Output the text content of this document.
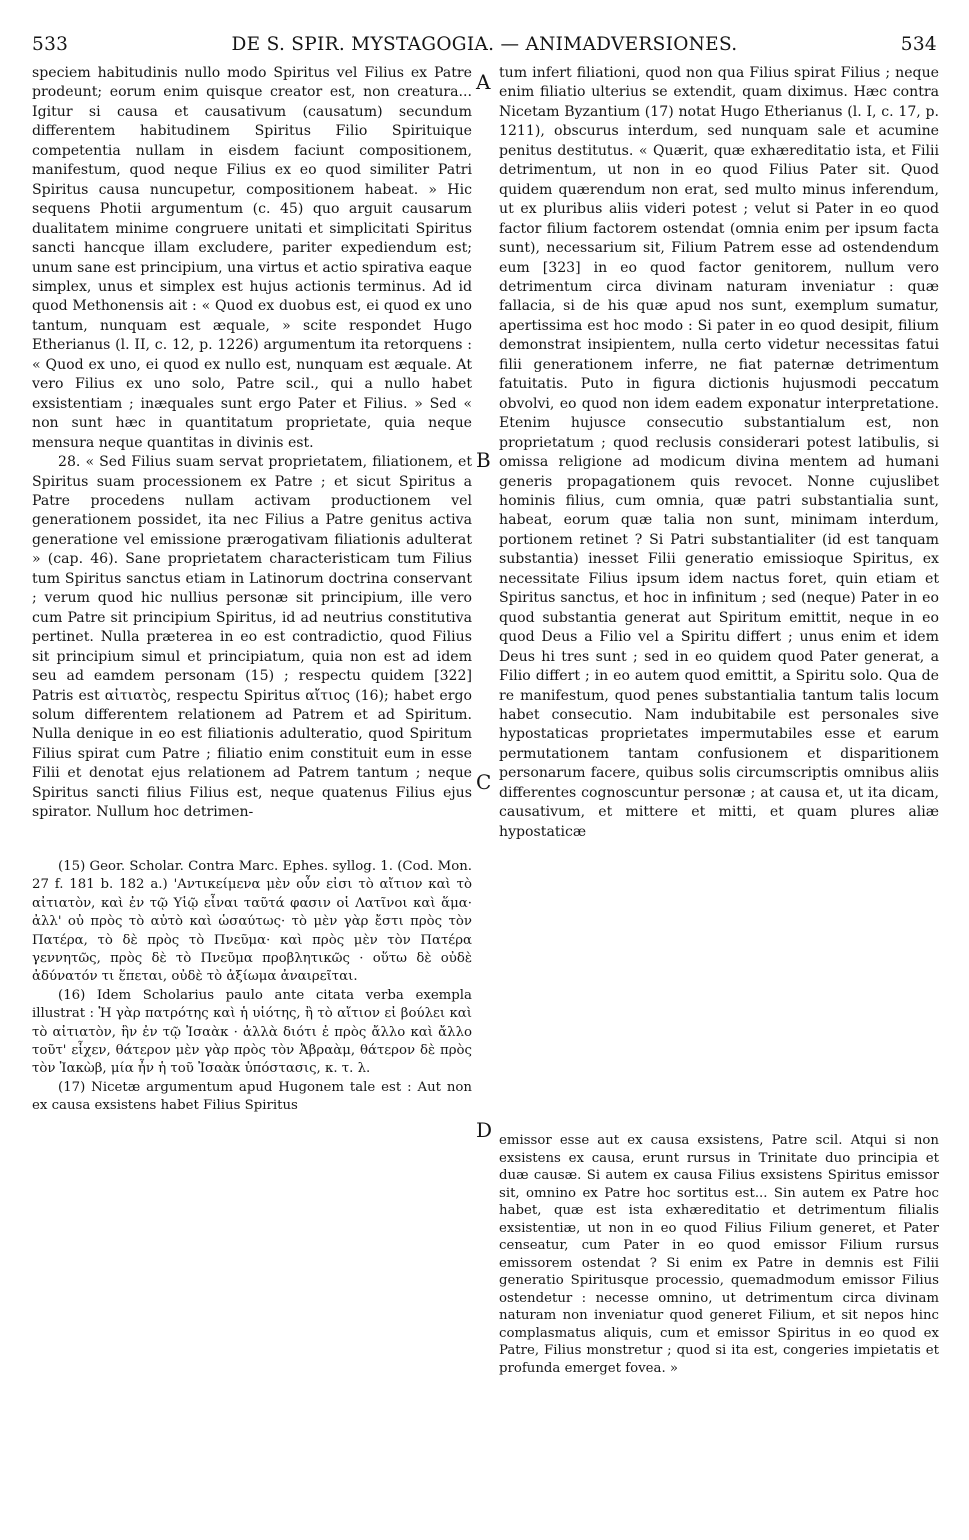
533	DE S. SPIR. MYSTAGOGIA. — ANIMADVERSIONES.	534

speciem habitudinis nullo modo Spiritus vel Filius ex Patre prodeunt; eorum enim quisque creator est, non creatura... Igitur si causa et causativum (causatum) secundum differentem habitudinem Spiritus Filio Spirituique competentia nullam in eisdem faciunt compositionem, manifestum, quod neque Filius ex eo quod similiter Patri Spiritus causa nuncupetur, compositionem habeat. » Hic sequens Photii argumentum (c. 45) quo arguit causarum dualitatem minime congruere unitati et simplicitati Spiritus sancti hancque illam excludere, pariter expediendum est; unum sane est principium, una virtus et actio spirativa eaque simplex, unus et simplex est hujus actionis terminus. Ad id quod Methonensis ait : « Quod ex duobus est, ei quod ex uno tantum, nunquam est æquale, » scite respondet Hugo Etherianus (l. II, c. 12, p. 1226) argumentum ita retorquens : « Quod ex uno, ei quod ex nullo est, nunquam est æquale. At vero Filius ex uno solo, Patre scil., qui a nullo habet exsistentiam ; inæquales sunt ergo Pater et Filius. » Sed « non sunt hæc in quantitatum proprietate, quia neque mensura neque quantitas in divinis est.

28. « Sed Filius suam servat proprietatem, filiationem, et Spiritus suam processionem ex Patre ; et sicut Spiritus a Patre procedens nullam activam productionem vel generationem possidet, ita nec Filius a Patre genitus activa generatione vel emissione prærogativam filiationis adulterat » (cap. 46). Sane proprietatem characteristicam tum Filius tum Spiritus sanctus etiam in Latinorum doctrina conservant ; verum quod hic nullius personæ sit principium, ille vero cum Patre sit principium Spiritus, id ad neutrius constitutiva pertinet. Nulla præterea in eo est contradictio, quod Filius sit principium simul et principiatum, quia non est ad idem seu ad eamdem personam (15) ; respectu quidem [322] Patris est αἰτιατὸς, respectu Spiritus αἴτιος (16); habet ergo solum differentem relationem ad Patrem et ad Spiritum. Nulla denique in eo est filiationis adulteratio, quod Spiritum Filius spirat cum Patre ; filiatio enim constituit eum in esse Filii et denotat ejus relationem ad Patrem tantum ; neque Spiritus sancti filius Filius est, neque quatenus Filius ejus spirator. Nullum hoc detrimen-

tum infert filiationi, quod non qua Filius spirat Filius ; neque enim filiatio ulterius se extendit, quam diximus. Hæc contra Nicetam Byzantium (17) notat Hugo Etherianus (l. I, c. 17, p. 1211), obscurus interdum, sed nunquam sale et acumine penitus destitutus. « Quærit, quæ exhæreditatio ista, et Filii detrimentum, ut non in eo quod Filius Pater sit. Quod quidem quærendum non erat, sed multo minus inferendum, ut ex pluribus aliis videri potest ; velut si Pater in eo quod factor filium factorem ostendat (omnia enim per ipsum facta sunt), necessarium sit, Filium Patrem esse ad ostendendum eum [323] in eo quod factor genitorem, nullum vero detrimentum circa divinam naturam inveniatur : quæ fallacia, si de his quæ apud nos sunt, exemplum sumatur, apertissima est hoc modo : Si pater in eo quod desipit, filium demonstrat insipientem, nulla certo videtur necessitas fatui filii generationem inferre, ne fiat paternæ detrimentum fatuitatis. Puto in figura dictionis hujusmodi peccatum obvolvi, eo quod non idem eadem exponatur interpretatione. Etenim hujusce consecutio substantialum est, non proprietatum ; quod reclusis considerari potest latibulis, si omissa religione ad modicum divina mentem ad humani generis propagationem quis revocet. Nonne cujuslibet hominis filius, cum omnia, quæ patri substantialia sunt, habeat, eorum quæ talia non sunt, minimam interdum, portionem retinet ? Si Patri substantialiter (id est tanquam substantia) inesset Filii generatio emissioque Spiritus, ex necessitate Filius ipsum idem nactus foret, quin etiam et Spiritus sanctus, et hoc in infinitum ; sed (neque) Pater in eo quod substantia generat aut Spiritum emittit, neque in eo quod Deus a Filio vel a Spiritu differt ; unus enim et idem Deus hi tres sunt ; sed in eo quidem quod Pater generat, a Filio differt ; in eo autem quod emittit, a Spiritu solo. Qua de re manifestum, quod penes substantialia tantum talis locum habet consecutio. Nam indubitabile est personales sive hypostaticas proprietates impermutabiles esse et earum permutationem tantam confusionem et disparitionem personarum facere, quibus solis circumscriptis omnibus aliis differentes cognoscuntur personæ ; at causa et, ut ita dicam, causativum, et mittere et mitti, et quam plures aliæ hypostaticæ

(15) Geor. Scholar. Contra Marc. Ephes. syllog. 1. (Cod. Mon. 27 f. 181 b. 182 a.) 'Αντικείμενα μὲν οὖν εἰσι τὸ αἴτιον καὶ τὸ αἰτιατὸν, καὶ ἐν τῷ Υἱῷ εἶναι ταῦτά φασιν οἱ Λατῖνοι καὶ ἅμα· ἀλλ' οὐ πρὸς τὸ αὐτὸ καὶ ὡσαύτως· τὸ μὲν γὰρ ἔστι πρὸς τὸν Πατέρα, τὸ δὲ πρὸς τὸ Πνεῦμα· καὶ πρὸς μὲν τὸν Πατέρα γεννητῶς, πρὸς δὲ τὸ Πνεῦμα προβλητικῶς · οὕτω δὲ οὐδὲ ἀδύνατόν τι ἕπεται, οὐδὲ τὸ ἀξίωμα ἀναιρεῖται.

(16) Idem Scholarius paulo ante citata verba exempla illustrat : Ἡ γὰρ πατρότης καὶ ἡ υἱότης, ἢ τὸ αἴτιον εἰ βούλει καὶ τὸ αἰτιατὸν, ἣν ἐν τῷ Ἰσαὰκ · ἀλλὰ διότι ἐ πρὸς ἄλλο καὶ ἄλλο τοῦτ' εἶχεν, θάτερον μὲν γὰρ πρὸς τὸν Ἀβραὰμ, θάτερον δὲ πρὸς τὸν Ἰακὼβ, μία ἦν ἡ τοῦ Ἰσαὰκ ὑπόστασις, κ. τ. λ.

(17) Nicetæ argumentum apud Hugonem tale est : Aut non ex causa exsistens habet Filius Spiritus

emissor esse aut ex causa exsistens, Patre scil. Atqui si non exsistens ex causa, erunt rursus in Trinitate duo principia et duæ causæ. Si autem ex causa Filius exsistens Spiritus emissor sit, omnino ex Patre hoc sortitus est... Sin autem ex Patre hoc habet, quæ est ista exhæreditatio et detrimentum filialis exsistentiæ, ut non in eo quod Filius Filium generet, et Pater censeatur, cum Pater in eo quod emissor Filium rursus emissorem ostendat ? Si enim ex Patre in demnis est Filii generatio Spiritusque processio, quemadmodum emissor Filius ostendetur : necesse omnino, ut detrimentum circa divinam naturam non inveniatur quod generet Filium, et sit nepos hinc complasmatus aliquis, cum et emissor Spiritus in eo quod ex Patre, Filius monstretur ; quod si ita est, congeries impietatis et profunda emerget fovea. »

A
B
C
D
